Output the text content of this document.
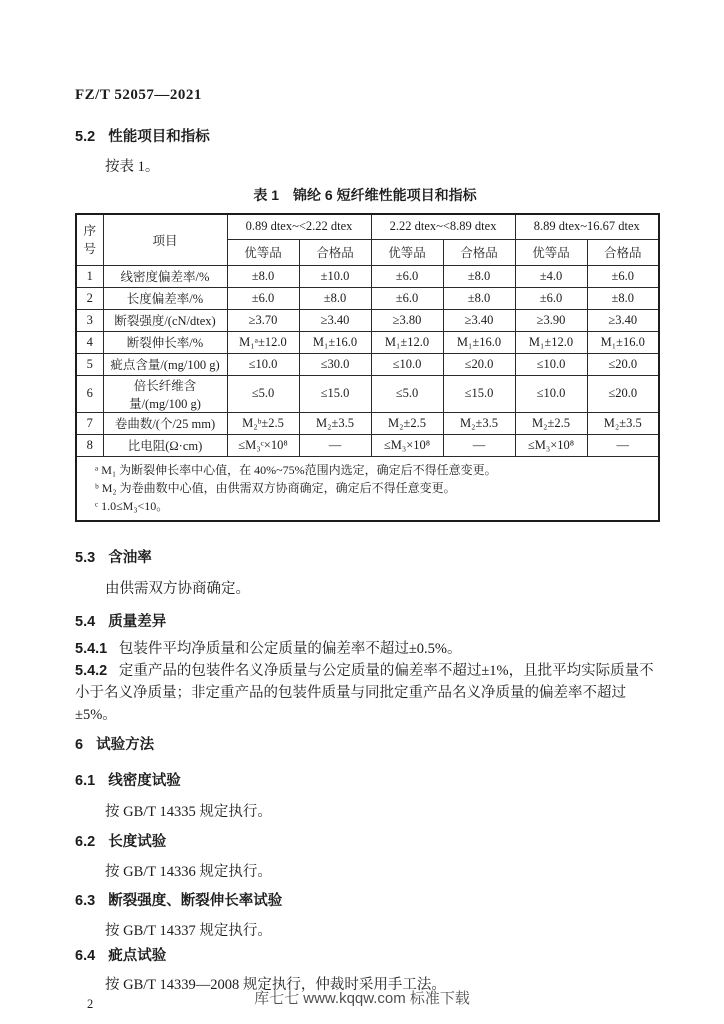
FZ/T 52057—2021
5.2 性能项目和指标

按表 1。

表 1 锦纶 6 短纤维性能项目和指标
序号	项目	0.89 dtex~<2.22 dtex		2.22 dtex~<8.89 dtex		8.89 dtex~16.67 dtex	
		优等品	合格品	优等品	合格品	优等品	合格品
1	线密度偏差率/%	±8.0	±10.0	±6.0	±8.0	±4.0	±6.0
2	长度偏差率/%	±6.0	±8.0	±6.0	±8.0	±6.0	±8.0
3	断裂强度/(cN/dtex)	≥3.70	≥3.40	≥3.80	≥3.40	≥3.90	≥3.40
4	断裂伸长率/%	M₁ᵃ±12.0	M₁±16.0	M₁±12.0	M₁±16.0	M₁±12.0	M₁±16.0
5	疵点含量/(mg/100 g)	≤10.0	≤30.0	≤10.0	≤20.0	≤10.0	≤20.0
6	倍长纤维含量/(mg/100 g)	≤5.0	≤15.0	≤5.0	≤15.0	≤10.0	≤20.0
7	卷曲数/(个/25 mm)	M₂ᵇ±2.5	M₂±3.5	M₂±2.5	M₂±3.5	M₂±2.5	M₂±3.5
8	比电阻(Ω·cm)	≤M₃ᶜ×10⁸	—	≤M₃×10⁸	—	≤M₃×10⁸	—

ᵃ M₁ 为断裂伸长率中心值，在 40%~75%范围内选定，确定后不得任意变更。
ᵇ M₂ 为卷曲数中心值，由供需双方协商确定，确定后不得任意变更。
ᶜ 1.0≤M₃<10。							
5.3 含油率

由供需双方协商确定。

5.4 质量差异

5.4.1 包装件平均净质量和公定质量的偏差率不超过±0.5%。

5.4.2 定重产品的包装件名义净质量与公定质量的偏差率不超过±1%，且批平均实际质量不小于名义净质量；非定重产品的包装件质量与同批定重产品名义净质量的偏差率不超过±5%。

6 试验方法
6.1 线密度试验

按 GB/T 14335 规定执行。

6.2 长度试验

按 GB/T 14336 规定执行。

6.3 断裂强度、断裂伸长率试验

按 GB/T 14337 规定执行。

6.4 疵点试验

按 GB/T 14339—2008 规定执行，仲裁时采用手工法。

2	库七七 www.kqqw.com 标准下载
